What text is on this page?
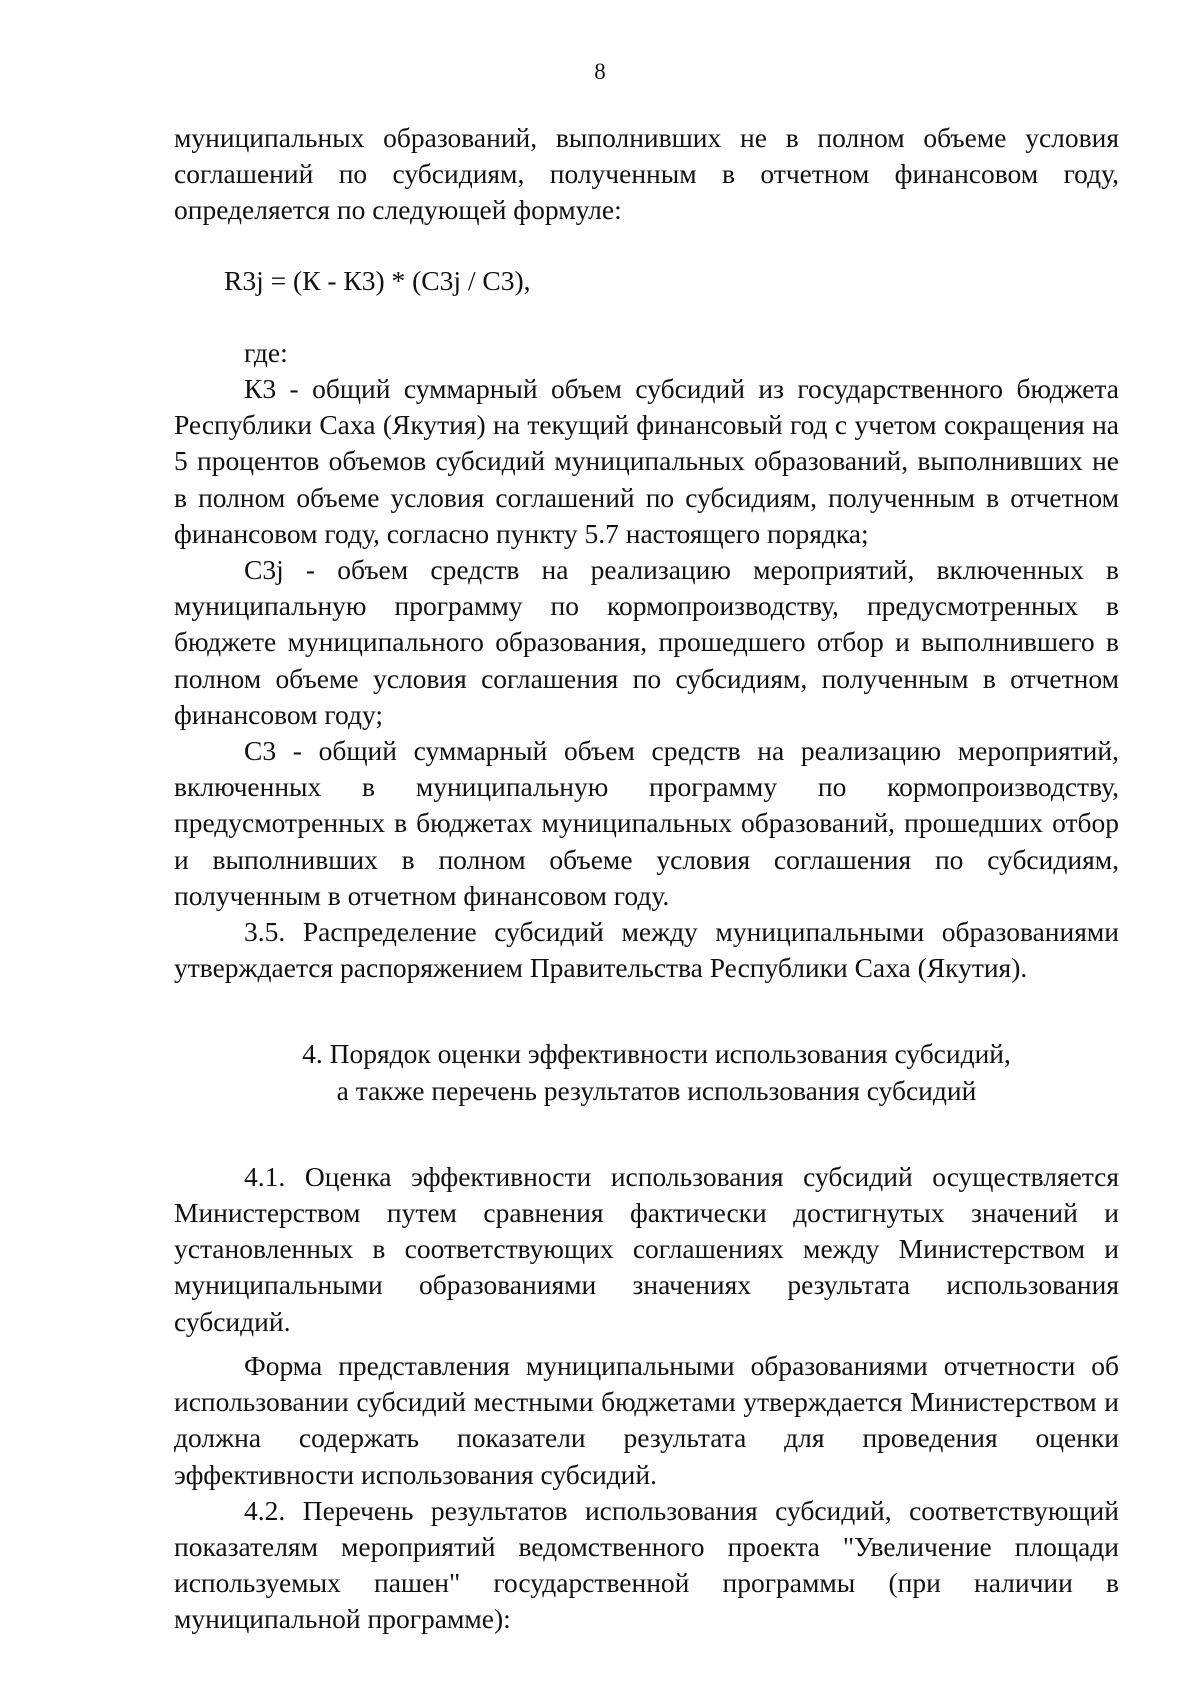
8

муниципальных образований, выполнивших не в полном объеме условия соглашений по субсидиям, полученным в отчетном финансовом году, определяется по следующей формуле:

R3j = (К - К3) * (С3j / С3),

где:

К3 - общий суммарный объем субсидий из государственного бюджета Республики Саха (Якутия) на текущий финансовый год с учетом сокращения на 5 процентов объемов субсидий муниципальных образований, выполнивших не в полном объеме условия соглашений по субсидиям, полученным в отчетном финансовом году, согласно пункту 5.7 настоящего порядка;

С3j - объем средств на реализацию мероприятий, включенных в муниципальную программу по кормопроизводству, предусмотренных в бюджете муниципального образования, прошедшего отбор и выполнившего в полном объеме условия соглашения по субсидиям, полученным в отчетном финансовом году;

С3 - общий суммарный объем средств на реализацию мероприятий, включенных в муниципальную программу по кормопроизводству, предусмотренных в бюджетах муниципальных образований, прошедших отбор и выполнивших в полном объеме условия соглашения по субсидиям, полученным в отчетном финансовом году.

3.5. Распределение субсидий между муниципальными образованиями утверждается распоряжением Правительства Республики Саха (Якутия).

4. Порядок оценки эффективности использования субсидий,
а также перечень результатов использования субсидий

4.1. Оценка эффективности использования субсидий осуществляется Министерством путем сравнения фактически достигнутых значений и установленных в соответствующих соглашениях между Министерством и муниципальными образованиями значениях результата использования субсидий.

Форма представления муниципальными образованиями отчетности об использовании субсидий местными бюджетами утверждается Министерством и должна содержать показатели результата для проведения оценки эффективности использования субсидий.

4.2. Перечень результатов использования субсидий, соответствующий показателям мероприятий ведомственного проекта "Увеличение площади используемых пашен" государственной программы (при наличии в муниципальной программе):
